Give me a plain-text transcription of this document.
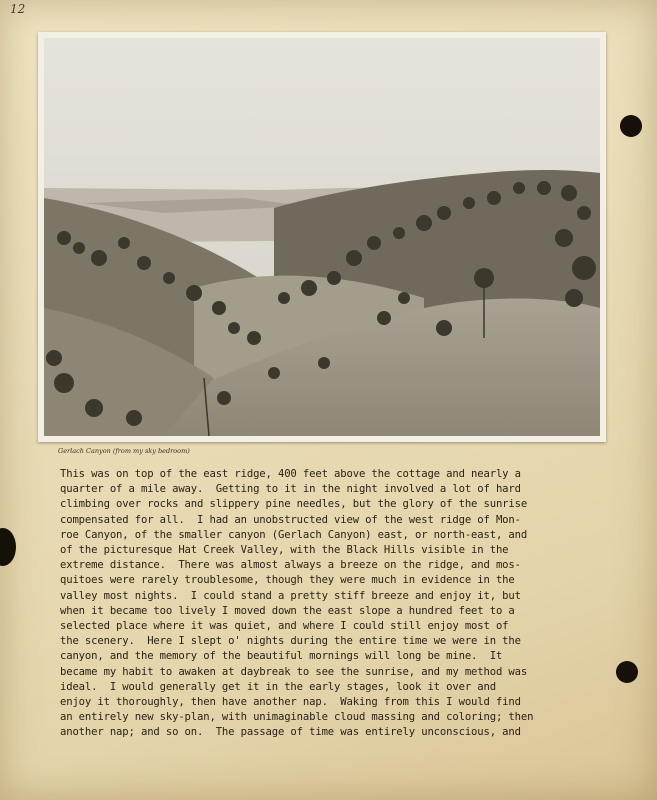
12
Gerlach Canyon (from my sky bedroom)
This was on top of the east ridge, 400 feet above the cottage and nearly a
quarter of a mile away.  Getting to it in the night involved a lot of hard
climbing over rocks and slippery pine needles, but the glory of the sunrise
compensated for all.  I had an unobstructed view of the west ridge of Mon-
roe Canyon, of the smaller canyon (Gerlach Canyon) east, or north-east, and
of the picturesque Hat Creek Valley, with the Black Hills visible in the
extreme distance.  There was almost always a breeze on the ridge, and mos-
quitoes were rarely troublesome, though they were much in evidence in the
valley most nights.  I could stand a pretty stiff breeze and enjoy it, but
when it became too lively I moved down the east slope a hundred feet to a
selected place where it was quiet, and where I could still enjoy most of
the scenery.  Here I slept o' nights during the entire time we were in the
canyon, and the memory of the beautiful mornings will long be mine.  It
became my habit to awaken at daybreak to see the sunrise, and my method was
ideal.  I would generally get it in the early stages, look it over and
enjoy it thoroughly, then have another nap.  Waking from this I would find
an entirely new sky-plan, with unimaginable cloud massing and coloring; then
another nap; and so on.  The passage of time was entirely unconscious, and
